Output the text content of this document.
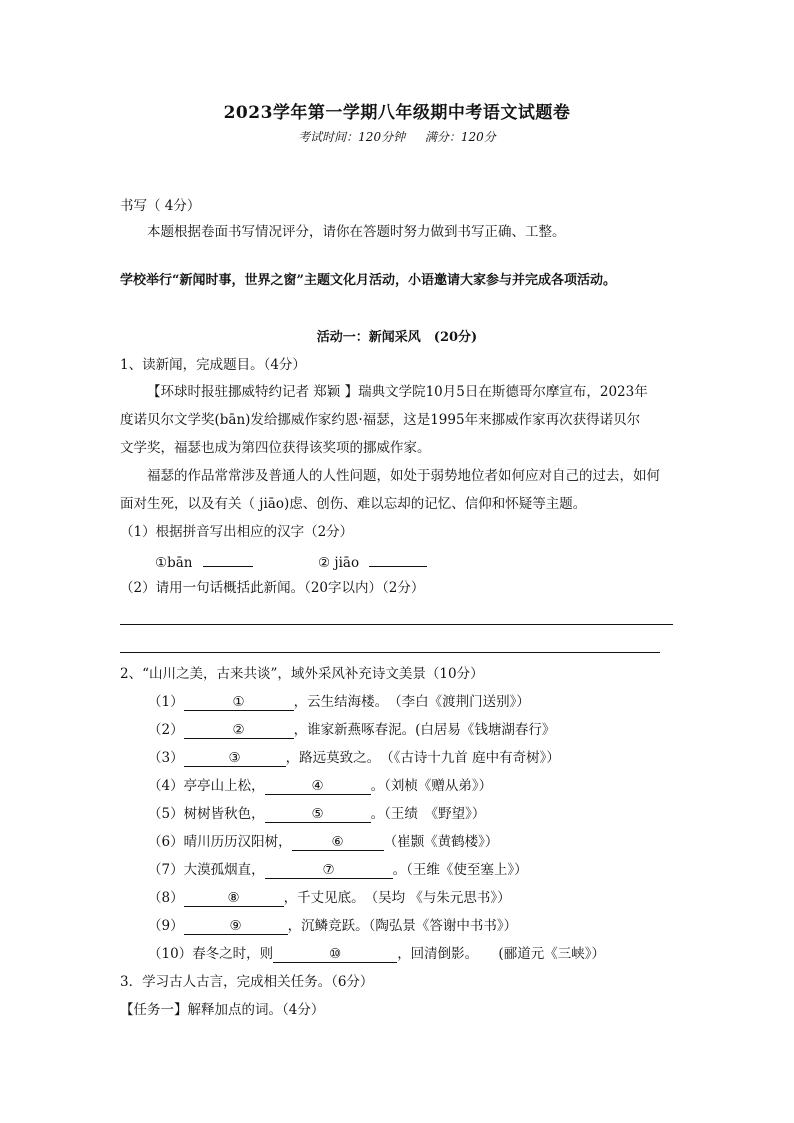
2023学年第一学期八年级期中考语文试题卷
考试时间：120分钟 满分：120分
书写（ 4分）
本题根据卷面书写情况评分，请你在答题时努力做到书写正确、工整。
学校举行“新闻时事，世界之窗”主题文化月活动，小语邀请大家参与并完成各项活动。
活动一：新闻采风　(20分)
1、读新闻，完成题目。（4分）
【环球时报驻挪威特约记者 郑颖 】瑞典文学院10月5日在斯德哥尔摩宣布，2023年
度诺贝尔文学奖(bān)发给挪威作家约恩·福瑟，这是1995年来挪威作家再次获得诺贝尔
文学奖，福瑟也成为第四位获得该奖项的挪威作家。
福瑟的作品常常涉及普通人的人性问题，如处于弱势地位者如何应对自己的过去，如何
面对生死，以及有关（ jiāo)虑、创伤、难以忘却的记忆、信仰和怀疑等主题。
（1）根据拼音写出相应的汉字（2分）
①bān	② jiāo
（2）请用一句话概括此新闻。（20字以内）（2分）
2、“山川之美，古来共谈”，域外采风补充诗文美景（10分）
（1）	①	，云生结海楼。　（李白《渡荆门送别》）
（2）	②	，谁家新燕啄春泥。(白居易《钱塘湖春行》
（3）	③	，路远莫致之。　（《古诗十九首 庭中有奇树》）
（4）亭亭山上松，	④	。（刘桢《赠从弟》）
（5）树树皆秋色，	⑤	。（王绩　《野望》）
（6）晴川历历汉阳树，	⑥	（崔颢《黄鹤楼》）
（7）大漠孤烟直，	⑦	。（王维《使至塞上》）
（8）	⑧	，千丈见底。　（吴均 《与朱元思书》）
（9）	⑨	，沉鳞竞跃。（陶弘景《答谢中书书》）
（10）春冬之时，则	⑩	，回清倒影。　　(郦道元《三峡》）
3．学习古人古言，完成相关任务。（6分）
【任务一】解释加点的词。（4分）
